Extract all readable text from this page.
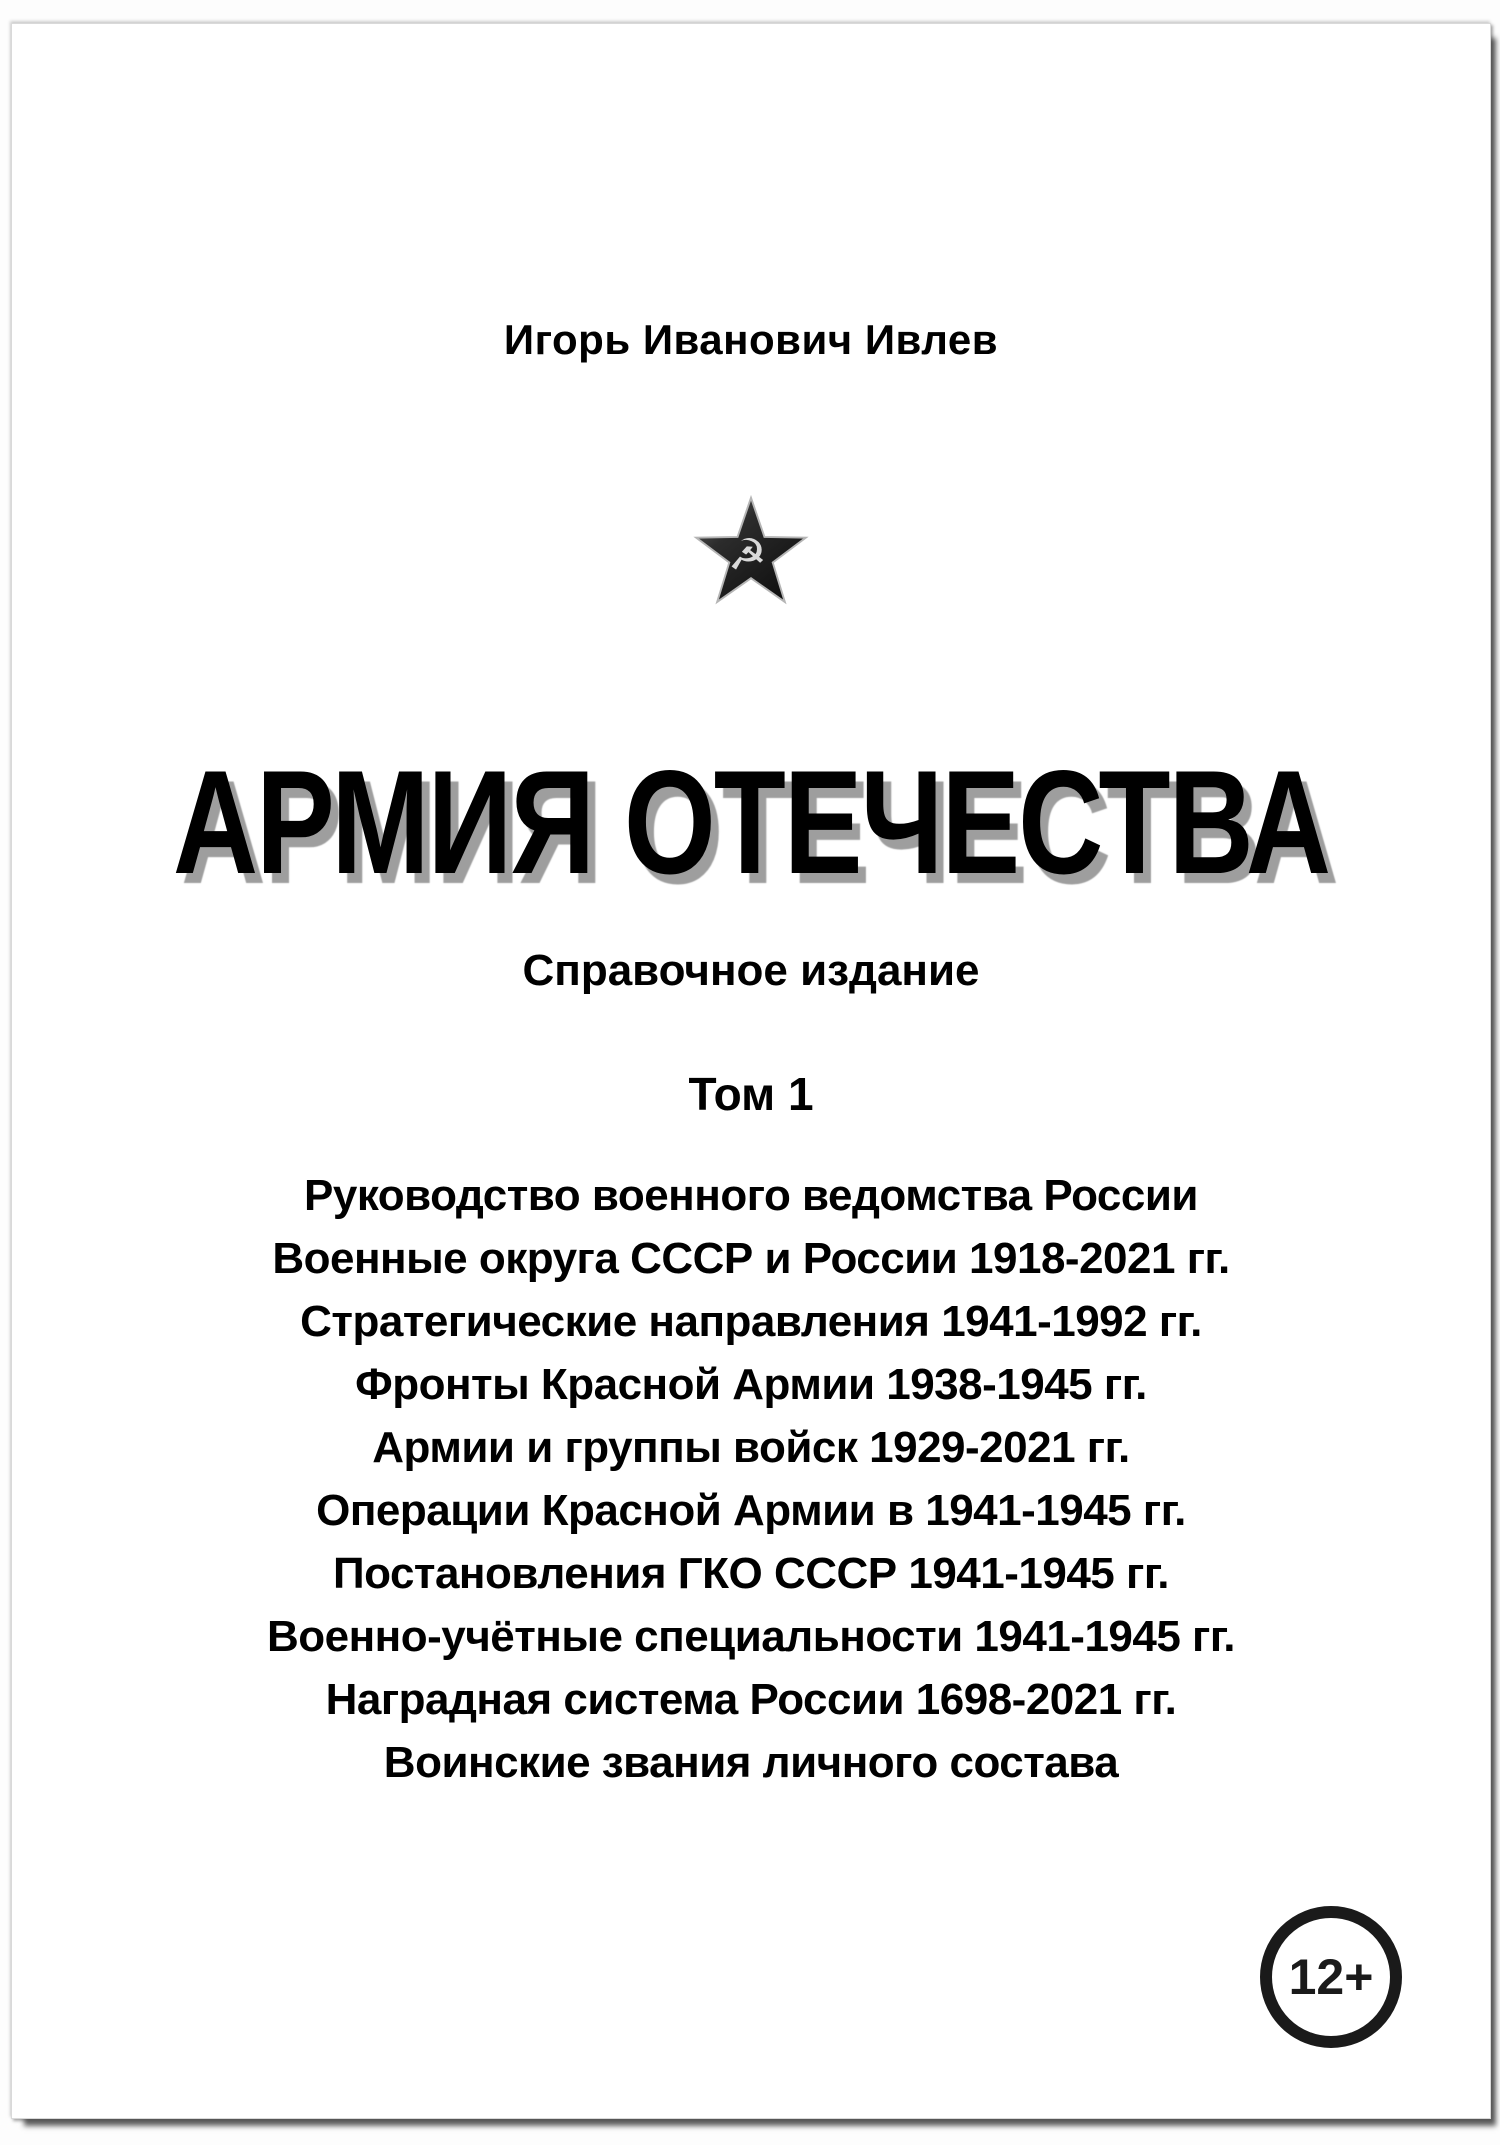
Игорь Иванович Ивлев
☭
АРМИЯ ОТЕЧЕСТВА
Справочное издание
Том 1
Руководство военного ведомства России
Военные округа СССР и России 1918-2021 гг.
Стратегические направления 1941-1992 гг.
Фронты Красной Армии 1938-1945 гг.
Армии и группы войск 1929-2021 гг.
Операции Красной Армии в 1941-1945 гг.
Постановления ГКО СССР 1941-1945 гг.
Военно-учётные специальности 1941-1945 гг.
Наградная система России 1698-2021 гг.
Воинские звания личного состава
12+
